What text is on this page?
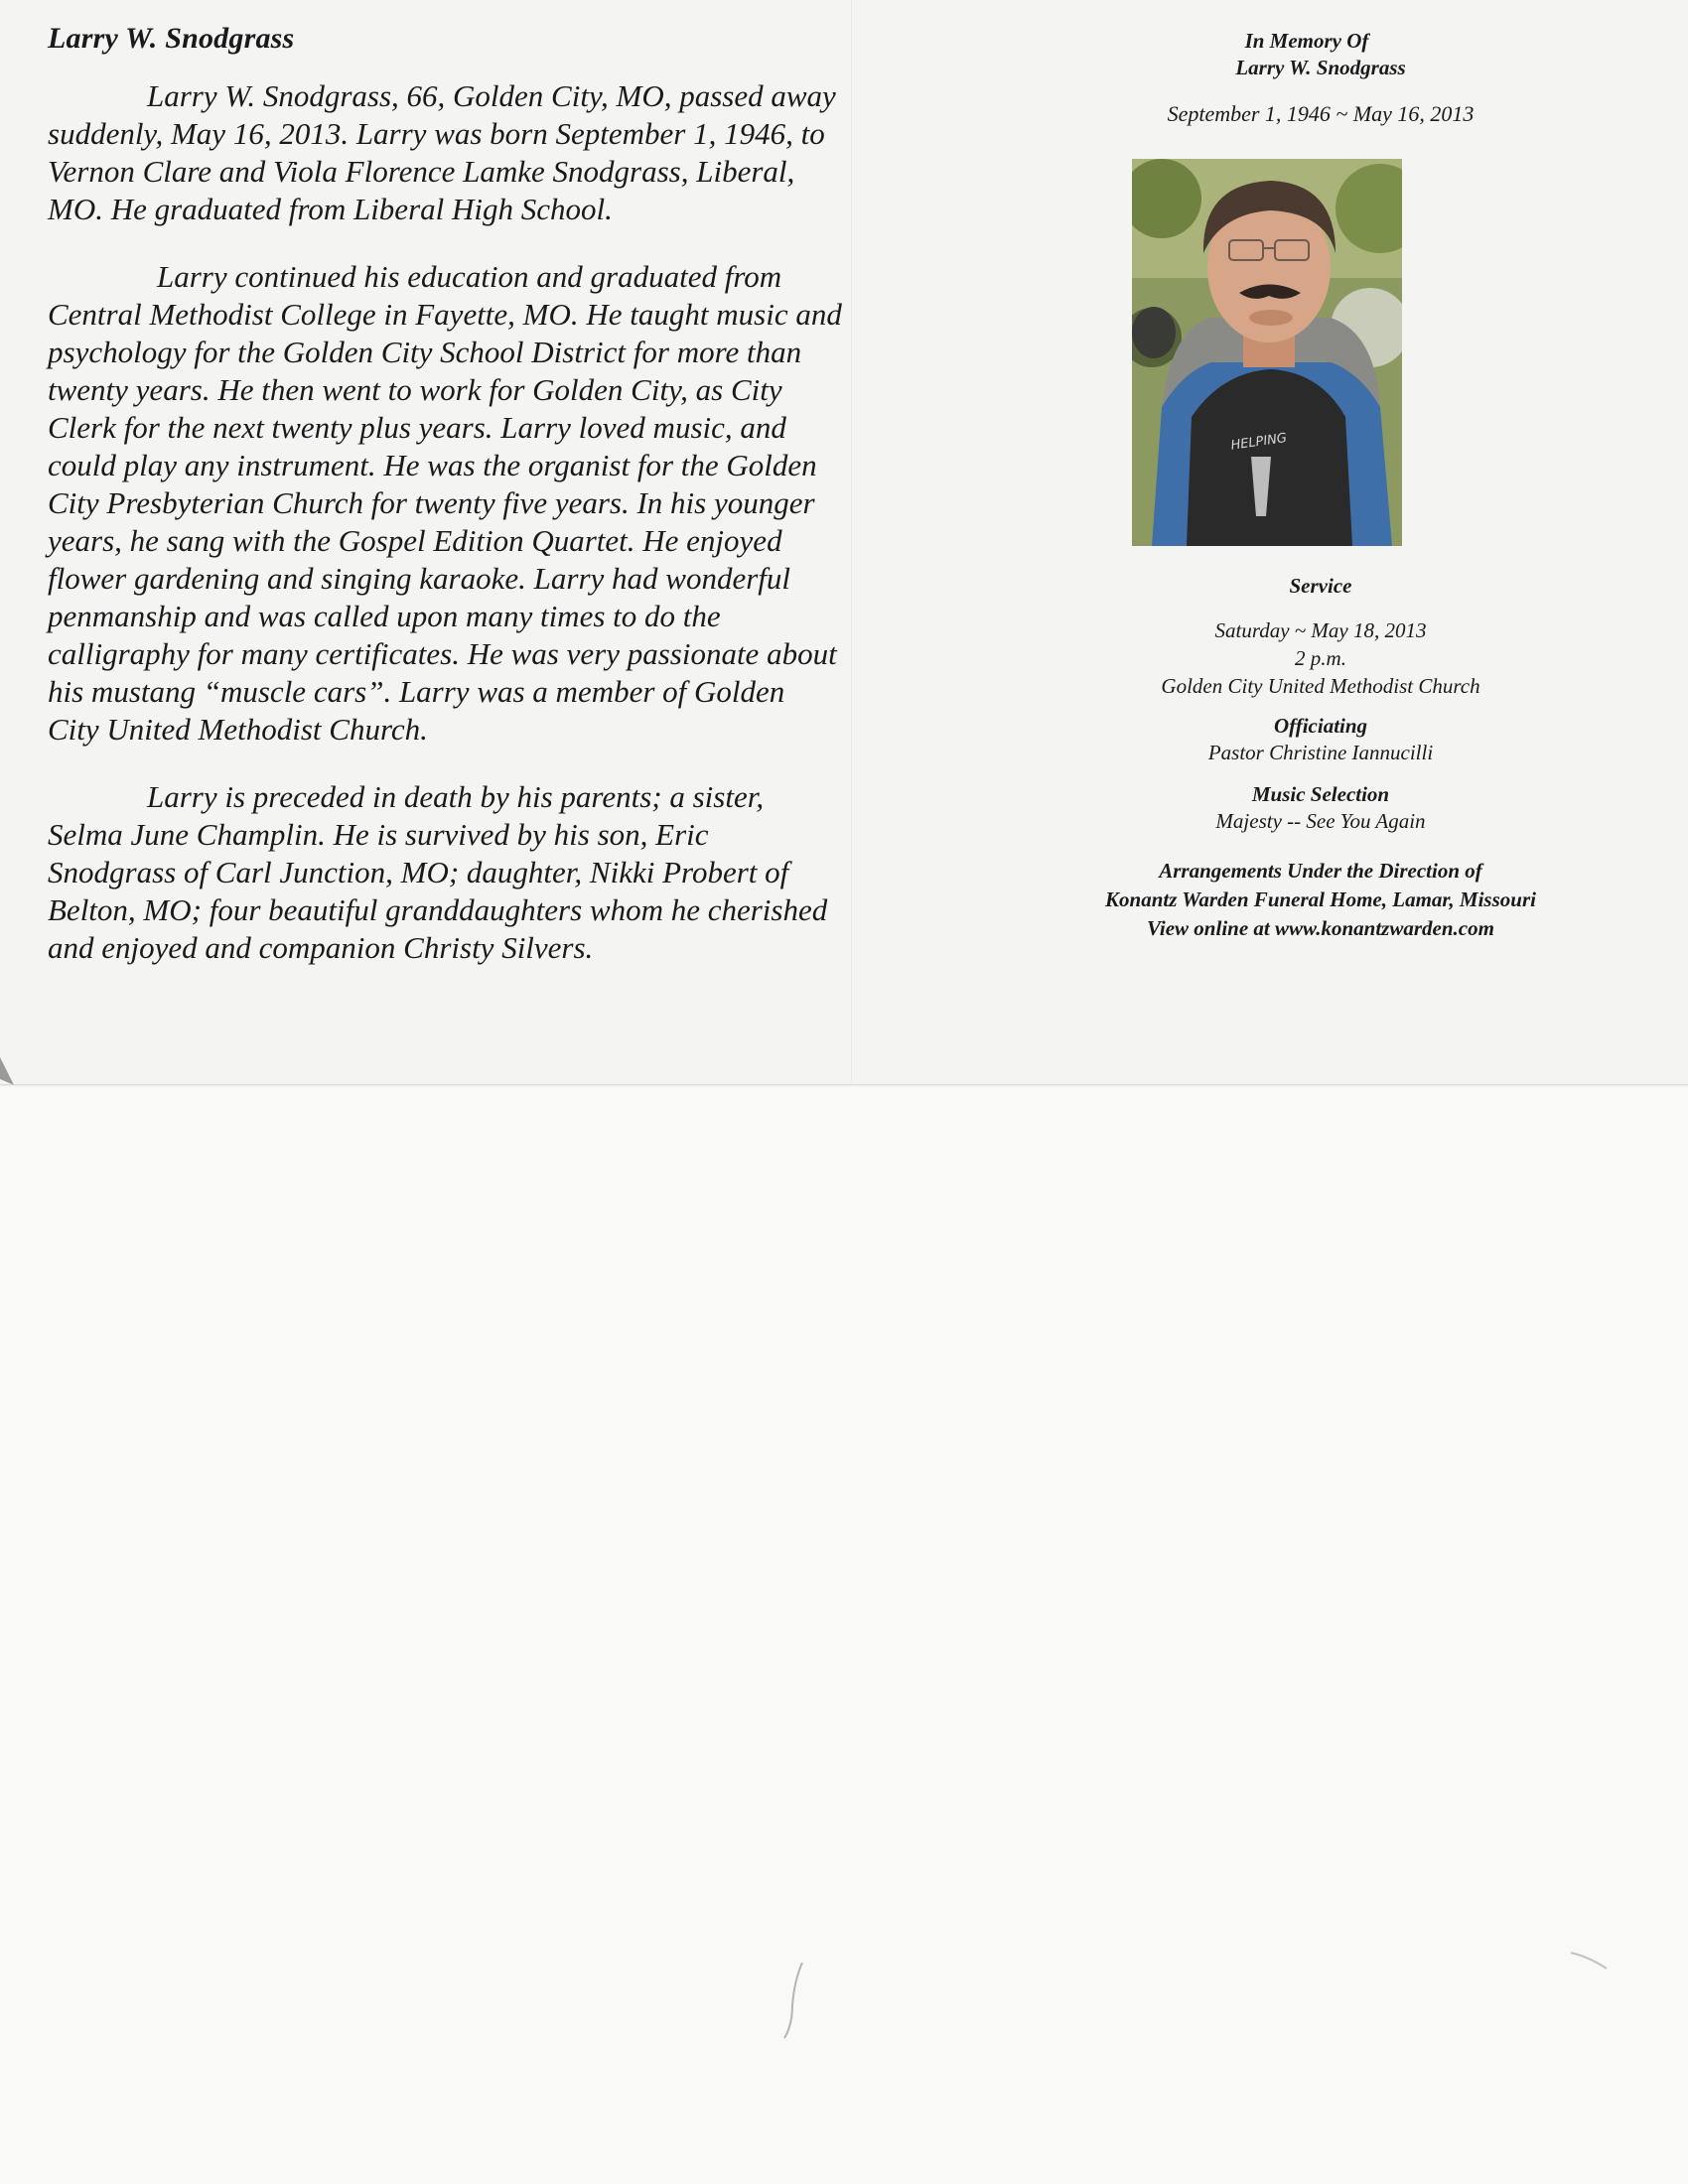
Larry W. Snodgrass

Larry W. Snodgrass, 66, Golden City, MO, passed away suddenly, May 16, 2013. Larry was born September 1, 1946, to Vernon Clare and Viola Florence Lamke Snodgrass, Liberal, MO. He graduated from Liberal High School.

Larry continued his education and graduated from Central Methodist College in Fayette, MO. He taught music and psychology for the Golden City School District for more than twenty years. He then went to work for Golden City, as City Clerk for the next twenty plus years. Larry loved music, and could play any instrument. He was the organist for the Golden City Presbyterian Church for twenty five years. In his younger years, he sang with the Gospel Edition Quartet. He enjoyed flower gardening and singing karaoke. Larry had wonderful penmanship and was called upon many times to do the calligraphy for many certificates. He was very passionate about his mustang “muscle cars”. Larry was a member of Golden City United Methodist Church.

Larry is preceded in death by his parents; a sister, Selma June Champlin. He is survived by his son, Eric Snodgrass of Carl Junction, MO; daughter, Nikki Probert of Belton, MO; four beautiful granddaughters whom he cherished and enjoyed and companion Christy Silvers.

In Memory Of
Larry W. Snodgrass
September 1, 1946 ~ May 16, 2013
HELPING
Service
Saturday ~ May 18, 2013
2 p.m.
Golden City United Methodist Church
Officiating
Pastor Christine Iannucilli
Music Selection
Majesty -- See You Again
Arrangements Under the Direction of
Konantz Warden Funeral Home, Lamar, Missouri
View online at www.konantzwarden.com
